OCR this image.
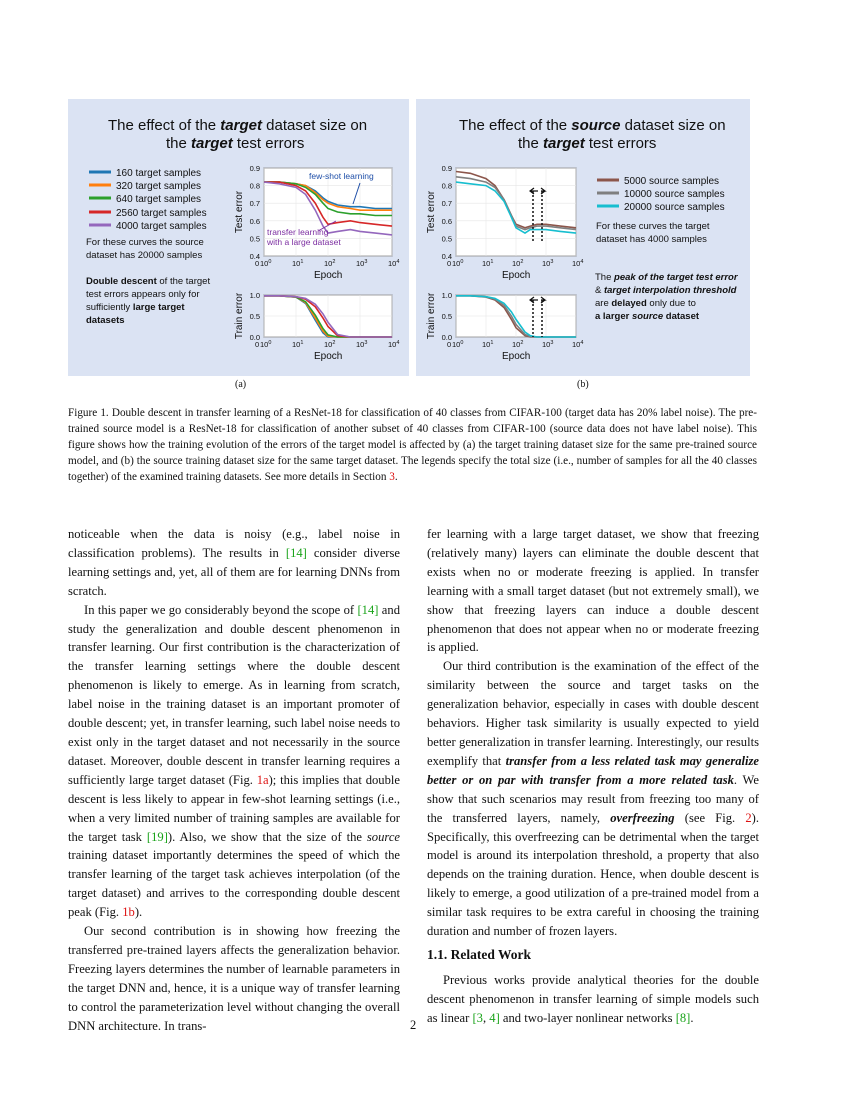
The effect of the target dataset size on
the target test errors
160 target samples
320 target samples
640 target samples
2560 target samples
4000 target samples
For these curves the source
dataset has 20000 samples
Double descent of the target
test errors appears only for
sufficiently large target
datasets
0.9
0.8
0.7
0.6
0.5
0.4
$10^0$	$10^1$	$10^2$	$10^3$	$10^4$
0
Epoch
Test error
1.0
0.5
0.0
$10^0$	$10^1$	$10^2$	$10^3$	$10^4$
0
Epoch
Train error
few-shot learning
transfer learning
with a large dataset
The effect of the source dataset size on
the target test errors
5000 source samples
10000 source samples
20000 source samples
For these curves the target
dataset has 4000 samples
The peak of the target test error
& target interpolation threshold
are delayed only due to
a larger source dataset
0.9
0.8
0.7
0.6
0.5
0.4
$10^0$ $10^1$ $10^2$ $10^3$ $10^4$
0
Epoch
Test error
1.0
0.5
0.0
$10^0$ $10^1$ $10^2$ $10^3$ $10^4$
0
Epoch
Train error
(a)	(b)
Figure 1. Double descent in transfer learning of a ResNet-18 for classification of 40 classes from CIFAR-100 (target data has 20% label noise). The pre-trained source model is a ResNet-18 for classification of another subset of 40 classes from CIFAR-100 (source data does not have label noise). This figure shows how the training evolution of the errors of the target model is affected by (a) the target training dataset size for the same pre-trained source model, and (b) the source training dataset size for the same target dataset. The legends specify the total size (i.e., number of samples for all the 40 classes together) of the examined training datasets. See more details in Section 3.

noticeable when the data is noisy (e.g., label noise in classification problems). The results in [14] consider diverse learning settings and, yet, all of them are for learning DNNs from scratch.

In this paper we go considerably beyond the scope of [14] and study the generalization and double descent phenomenon in transfer learning. Our first contribution is the characterization of the transfer learning settings where the double descent phenomenon is likely to emerge. As in learning from scratch, label noise in the training dataset is an important promoter of double descent; yet, in transfer learning, such label noise needs to exist only in the target dataset and not necessarily in the source dataset. Moreover, double descent in transfer learning requires a sufficiently large target dataset (Fig. 1a); this implies that double descent is less likely to appear in few-shot learning settings (i.e., when a very limited number of training samples are available for the target task [19]). Also, we show that the size of the source training dataset importantly determines the speed of which the transfer learning of the target task achieves interpolation (of the target dataset) and arrives to the corresponding double descent peak (Fig. 1b).

Our second contribution is in showing how freezing the transferred pre-trained layers affects the generalization behavior. Freezing layers determines the number of learnable parameters in the target DNN and, hence, it is a unique way of transfer learning to control the parameterization level without changing the overall DNN architecture. In trans-

fer learning with a large target dataset, we show that freezing (relatively many) layers can eliminate the double descent that exists when no or moderate freezing is applied. In transfer learning with a small target dataset (but not extremely small), we show that freezing layers can induce a double descent phenomenon that does not appear when no or moderate freezing is applied.

Our third contribution is the examination of the effect of the similarity between the source and target tasks on the generalization behavior, especially in cases with double descent behaviors. Higher task similarity is usually expected to yield better generalization in transfer learning. Interestingly, our results exemplify that transfer from a less related task may generalize better or on par with transfer from a more related task. We show that such scenarios may result from freezing too many of the transferred layers, namely, overfreezing (see Fig. 2). Specifically, this overfreezing can be detrimental when the target model is around its interpolation threshold, a property that also depends on the training duration. Hence, when double descent is likely to emerge, a good utilization of a pre-trained model from a similar task requires to be extra careful in choosing the training duration and number of frozen layers.

1.1. Related Work

Previous works provide analytical theories for the double descent phenomenon in transfer learning of simple models such as linear [3, 4] and two-layer nonlinear networks [8].

2
